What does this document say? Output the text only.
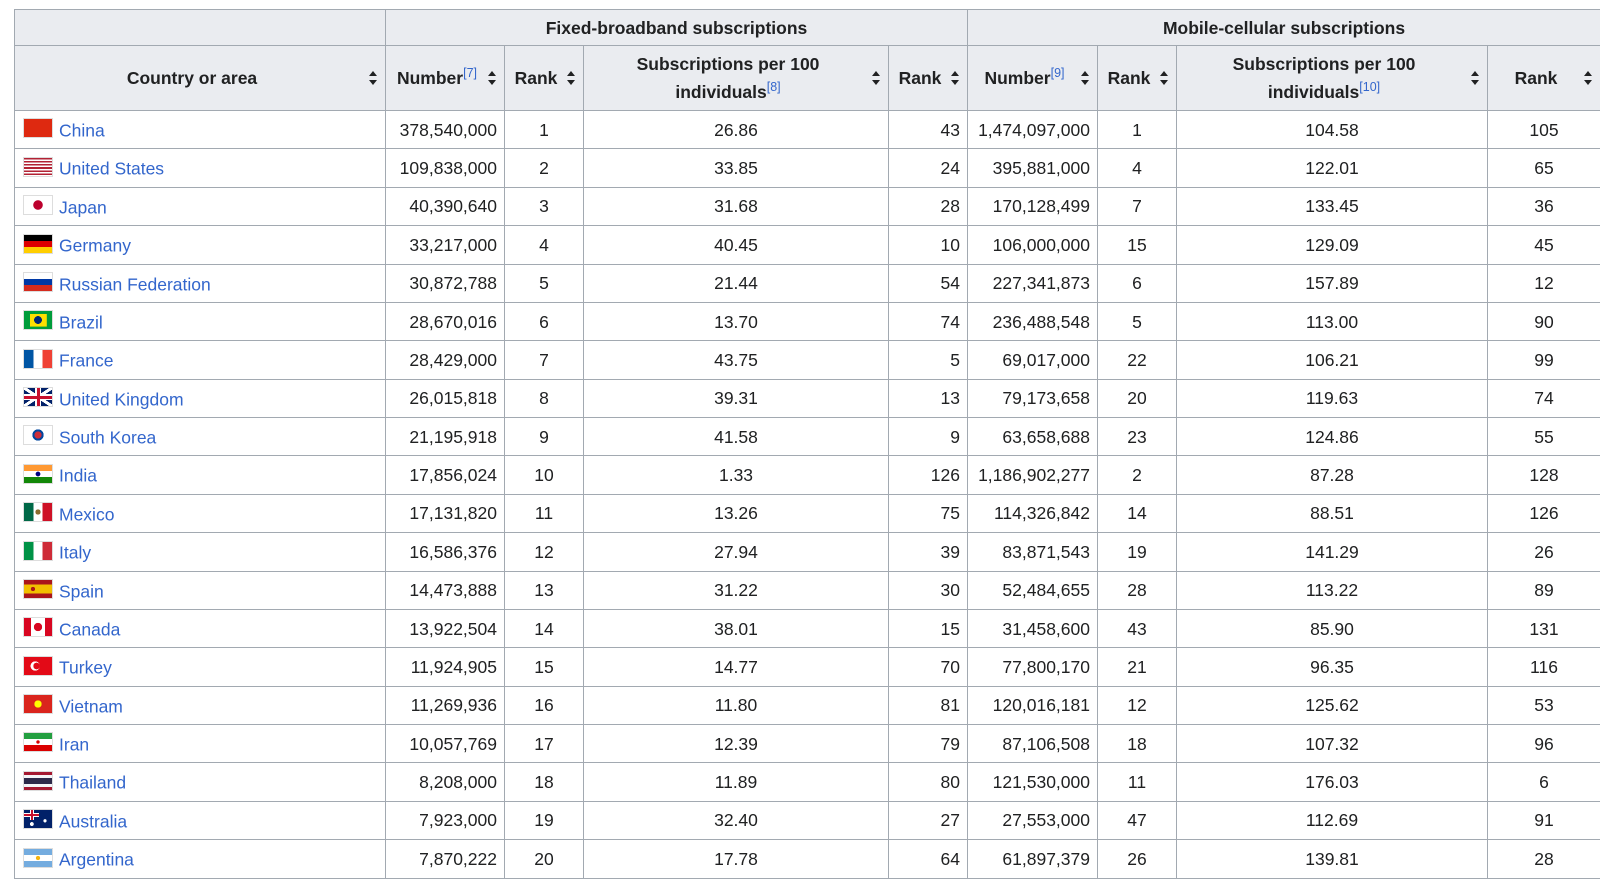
	Fixed-broadband subscriptions				Mobile-cellular subscriptions			
Country or area	Number[7]	Rank	Subscriptions per 100
individuals[8]	Rank	Number[9]	Rank	Subscriptions per 100
individuals[10]	Rank

China	378,540,000	1	26.86	43	1,474,097,000	1	104.58	105
United States	109,838,000	2	33.85	24	395,881,000	4	122.01	65
Japan	40,390,640	3	31.68	28	170,128,499	7	133.45	36
Germany	33,217,000	4	40.45	10	106,000,000	15	129.09	45
Russian Federation	30,872,788	5	21.44	54	227,341,873	6	157.89	12
Brazil	28,670,016	6	13.70	74	236,488,548	5	113.00	90
France	28,429,000	7	43.75	5	69,017,000	22	106.21	99
United Kingdom	26,015,818	8	39.31	13	79,173,658	20	119.63	74
South Korea	21,195,918	9	41.58	9	63,658,688	23	124.86	55
India	17,856,024	10	1.33	126	1,186,902,277	2	87.28	128
Mexico	17,131,820	11	13.26	75	114,326,842	14	88.51	126
Italy	16,586,376	12	27.94	39	83,871,543	19	141.29	26
Spain	14,473,888	13	31.22	30	52,484,655	28	113.22	89
Canada	13,922,504	14	38.01	15	31,458,600	43	85.90	131
Turkey	11,924,905	15	14.77	70	77,800,170	21	96.35	116
Vietnam	11,269,936	16	11.80	81	120,016,181	12	125.62	53
Iran	10,057,769	17	12.39	79	87,106,508	18	107.32	96
Thailand	8,208,000	18	11.89	80	121,530,000	11	176.03	6
Australia	7,923,000	19	32.40	27	27,553,000	47	112.69	91
Argentina	7,870,222	20	17.78	64	61,897,379	26	139.81	28
